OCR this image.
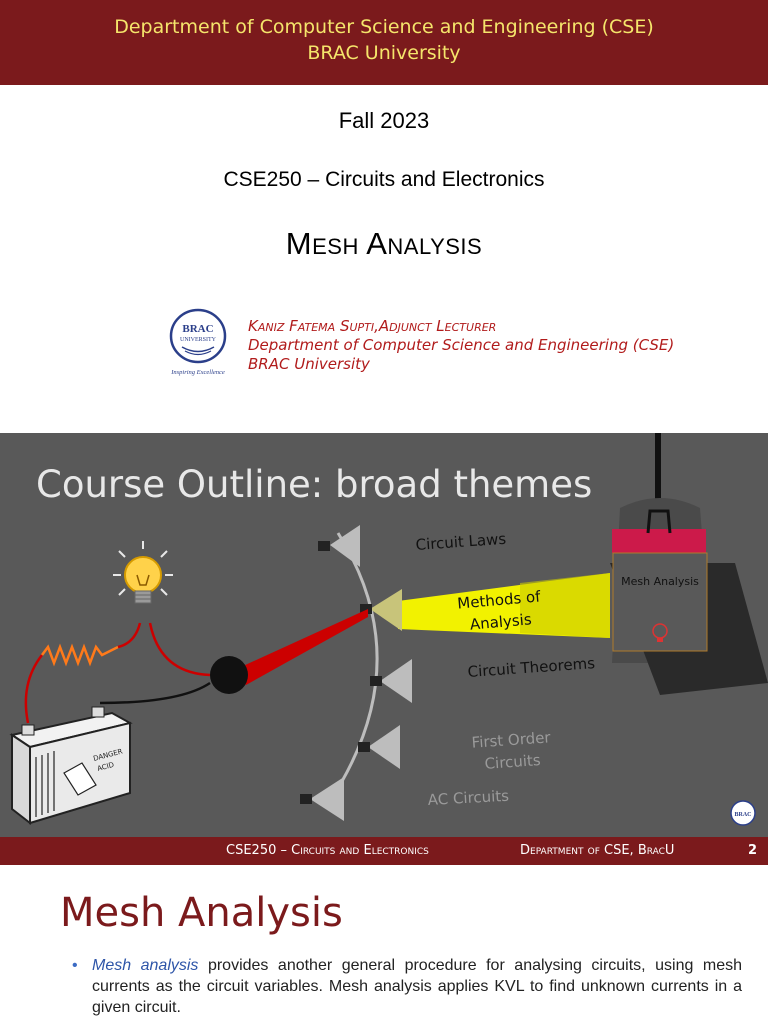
Department of Computer Science and Engineering (CSE)
BRAC University
Fall 2023
CSE250 – Circuits and Electronics
Mesh Analysis
BRAC
UNIVERSITY
Inspiring Excellence
Kaniz Fatema Supti,Adjunct Lecturer
Department of Computer Science and Engineering (CSE)
BRAC University
Course Outline: broad themes
Mesh Analysis
Circuit Laws
Methods of
Analysis
Circuit Theorems
First Order
Circuits
AC Circuits
DANGER
ACID
BRAC
CSE250 – Circuits and Electronics	Department of CSE, BracU	2
Mesh Analysis
• Mesh analysis provides another general procedure for analysing circuits, using mesh currents as the circuit variables. Mesh analysis applies KVL to find unknown currents in a given circuit.
